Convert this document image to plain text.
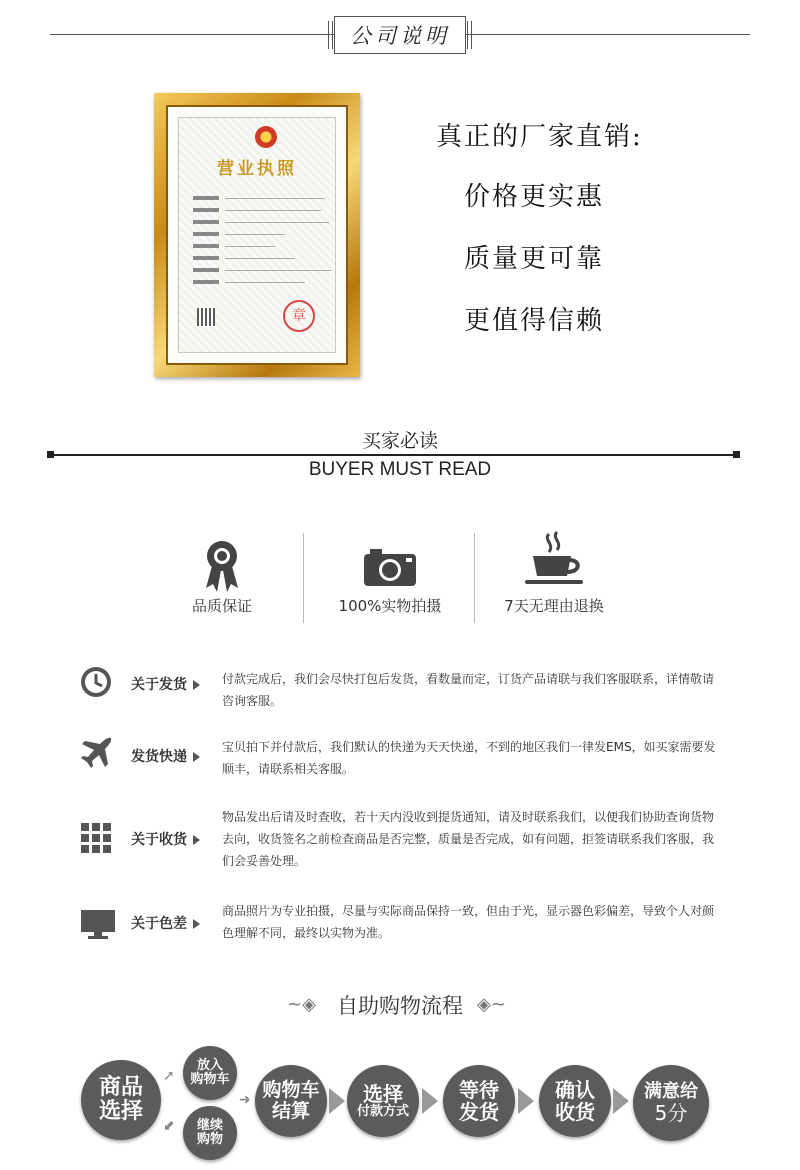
公司说明
营业执照
章
真正的厂家直销:
价格更实惠
质量更可靠
更值得信赖
买家必读
BUYER MUST READ
品质保证	100%实物拍摄	7天无理由退换
关于发货	付款完成后，我们会尽快打包后发货，看数量而定，订货产品请联与我们客服联系，详情敬请咨询客服。
发货快递
宝贝拍下并付款后，我们默认的快递为天天快递，不到的地区我们一律发EMS，如买家需要发顺丰，请联系相关客服。
关于收货
物品发出后请及时查收，若十天内没收到提货通知，请及时联系我们，以便我们协助查询货物去向，收货签名之前检查商品是否完整，质量是否完成，如有问题，拒签请联系我们客服，我们会妥善处理。
关于色差
商品照片为专业拍摄，尽量与实际商品保持一致，但由于光，显示器色彩偏差，导致个人对颜色理解不同，最终以实物为准。
~◈	自助购物流程 ◈~
商品
选择
➚
⬋
放入
购物车
继续
购物
➜ 购物车
结算
选择
付款方式
等待
发货
确认
收货
满意给
5分
